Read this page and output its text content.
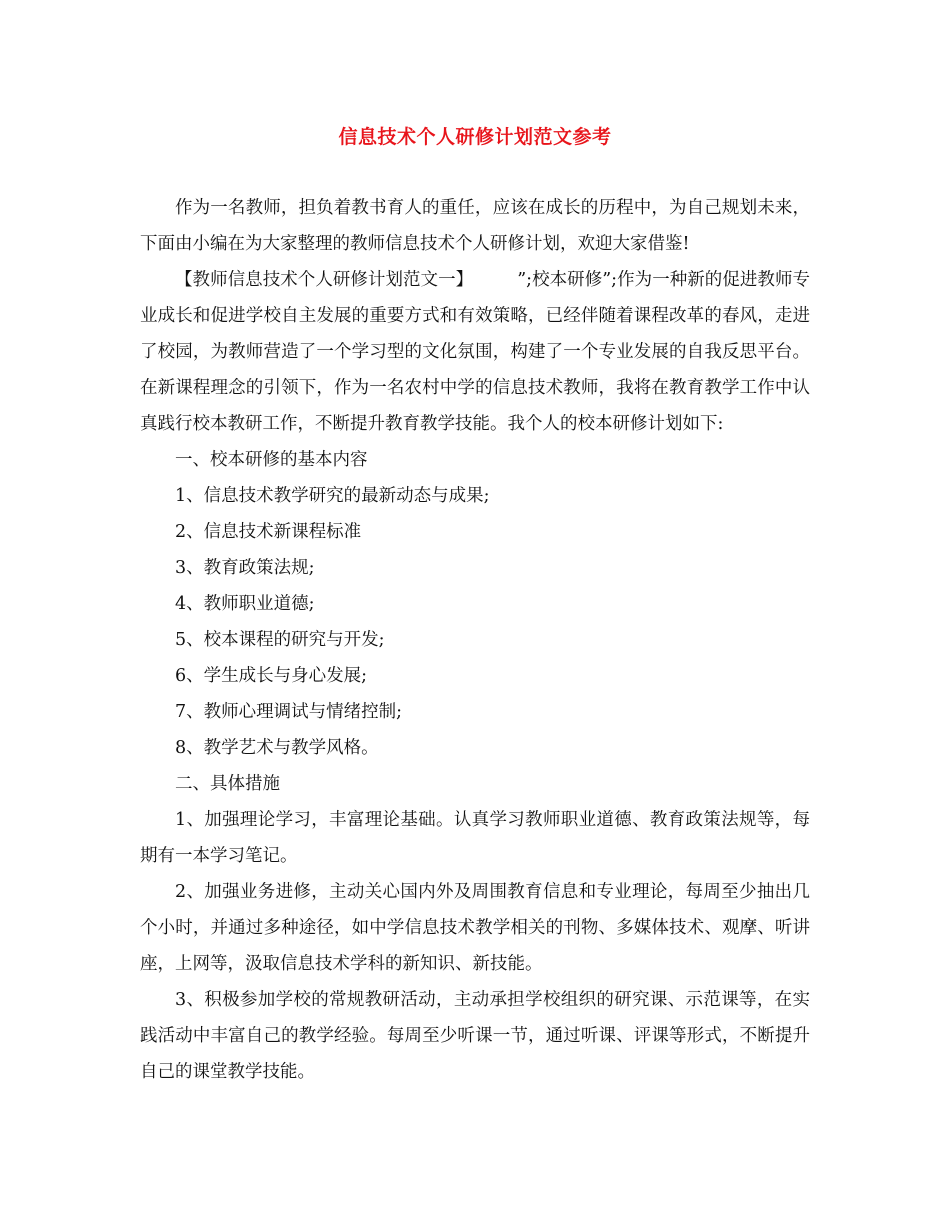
信息技术个人研修计划范文参考

作为一名教师，担负着教书育人的重任，应该在成长的历程中，为自己规划未来，下面由小编在为大家整理的教师信息技术个人研修计划，欢迎大家借鉴!

【教师信息技术个人研修计划范文一】	”;校本研修”;作为一种新的促进教师专业成长和促进学校自主发展的重要方式和有效策略，已经伴随着课程改革的春风，走进了校园，为教师营造了一个学习型的文化氛围，构建了一个专业发展的自我反思平台。在新课程理念的引领下，作为一名农村中学的信息技术教师，我将在教育教学工作中认真践行校本教研工作，不断提升教育教学技能。我个人的校本研修计划如下:

一、校本研修的基本内容

1、信息技术教学研究的最新动态与成果;

2、信息技术新课程标准

3、教育政策法规;

4、教师职业道德;

5、校本课程的研究与开发;

6、学生成长与身心发展;

7、教师心理调试与情绪控制;

8、教学艺术与教学风格。

二、具体措施

1、加强理论学习，丰富理论基础。认真学习教师职业道德、教育政策法规等，每期有一本学习笔记。

2、加强业务进修，主动关心国内外及周围教育信息和专业理论，每周至少抽出几个小时，并通过多种途径，如中学信息技术教学相关的刊物、多媒体技术、观摩、听讲座，上网等，汲取信息技术学科的新知识、新技能。

3、积极参加学校的常规教研活动，主动承担学校组织的研究课、示范课等，在实践活动中丰富自己的教学经验。每周至少听课一节，通过听课、评课等形式，不断提升自己的课堂教学技能。
